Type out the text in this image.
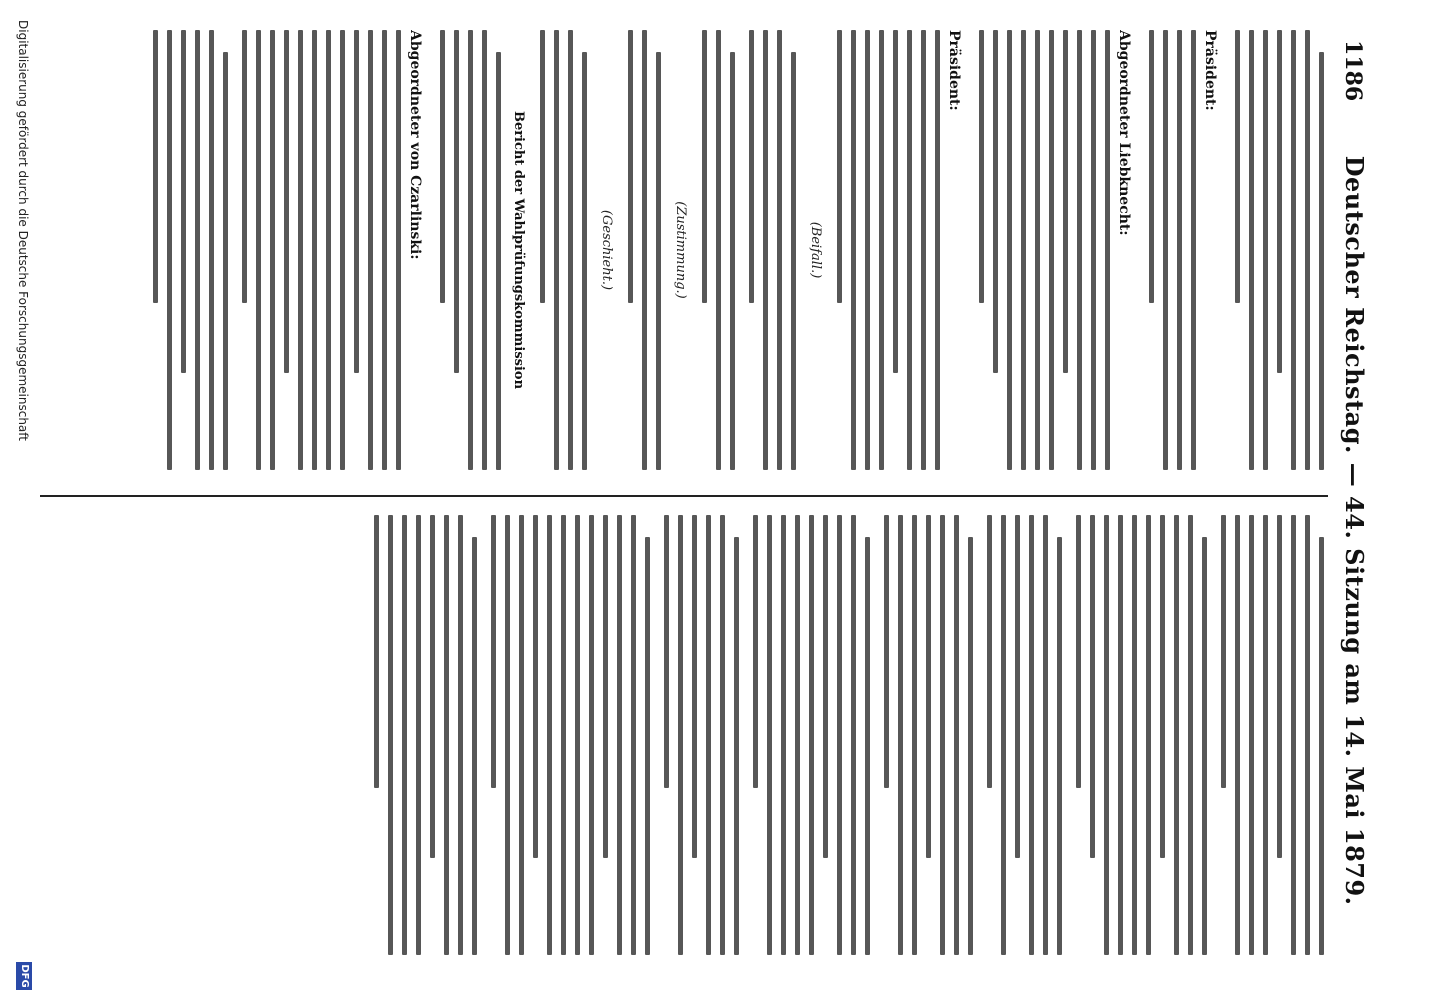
1186
Deutscher Reichstag. — 44. Sitzung am 14. Mai 1879.
Präsident:
Abgeordneter Liebknecht:
Präsident:
(Beifall.)
(Zustimmung.)
(Geschieht.)
Bericht der Wahlprüfungskommission
Abgeordneter von Czarlinski:
Digitalisierung gefördert durch die Deutsche Forschungsgemeinschaft
DFG
